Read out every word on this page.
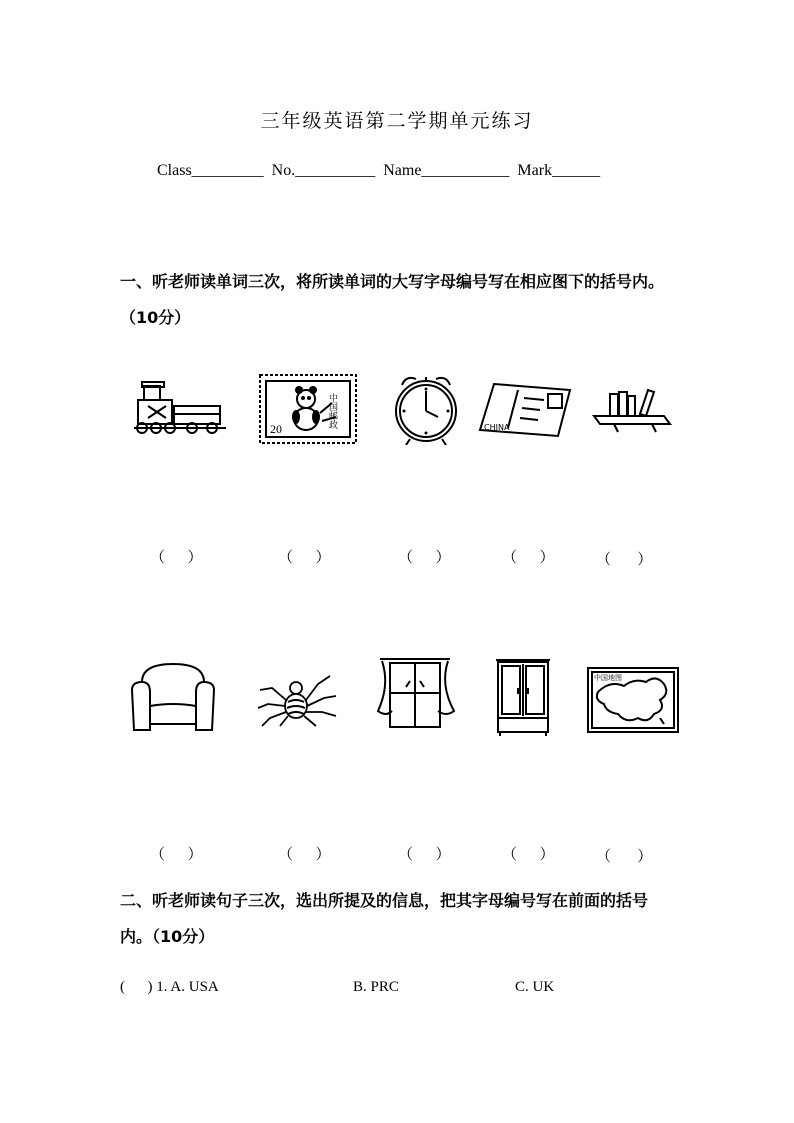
三年级英语第二学期单元练习
Class_________  No.__________  Name___________  Mark______
一、听老师读单词三次，将所读单词的大写字母编号写在相应图下的括号内。（10分）
中国邮政
20	CHINA
（      ）	（      ）	（      ）	（      ）	（       ）
中国地图
（      ）	（      ）	（      ）	（      ）	（       ）
二、听老师读句子三次，选出所提及的信息，把其字母编号写在前面的括号内。（10分）

(      ) 1. A. USA

	B. PRC

	C. UK
